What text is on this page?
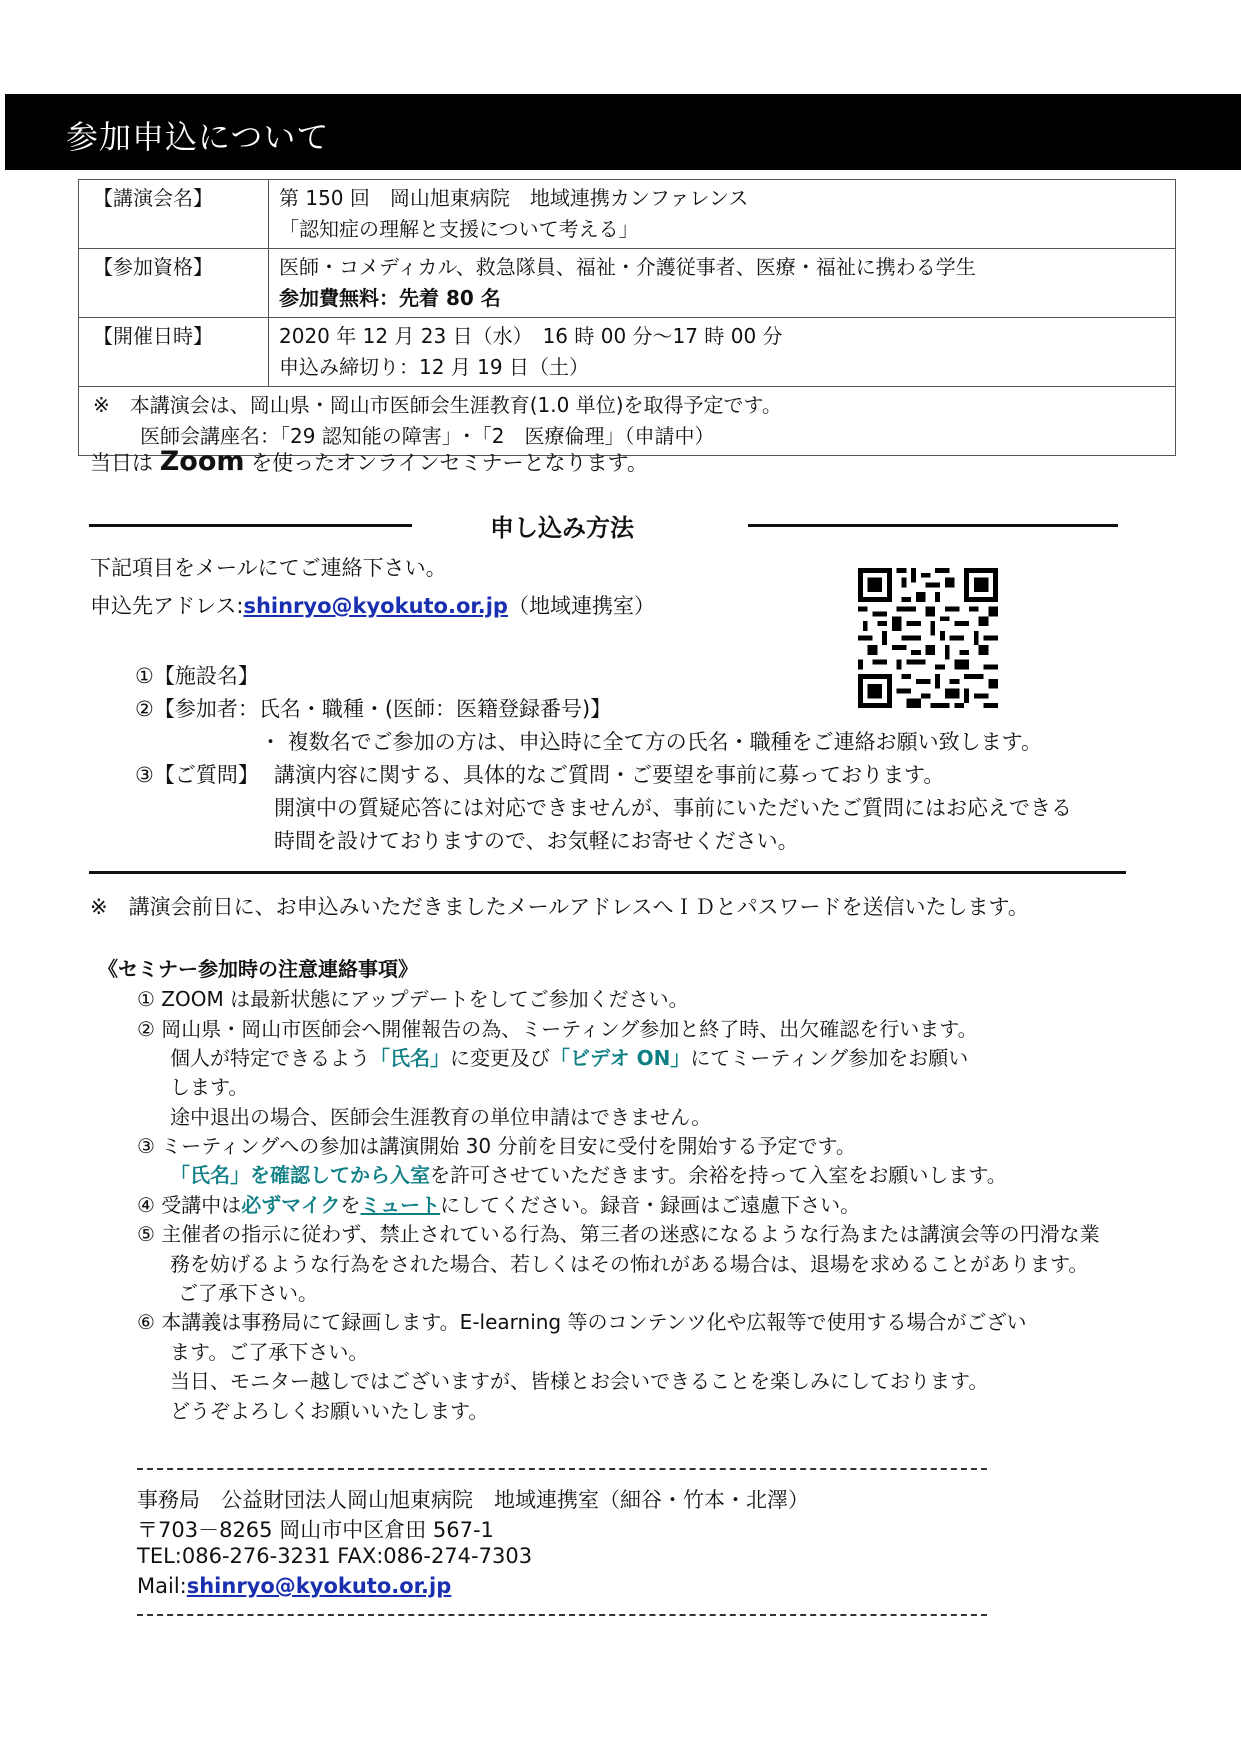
参加申込について
【講演会名】	第 150 回　岡山旭東病院　地域連携カンファレンス
「認知症の理解と支援について考える」

【参加資格】	医師・コメディカル、救急隊員、福祉・介護従事者、医療・福祉に携わる学生
参加費無料：先着 80 名

【開催日時】	2020 年 12 月 23 日（水）　16 時 00 分～17 時 00 分
申込み締切り：12 月 19 日（土）

※　本講演会は、岡山県・岡山市医師会生涯教育(1.0 単位)を取得予定です。
医師会講座名：「29 認知能の障害」･「2　医療倫理」（申請中）	
当日は Zoom を使ったオンラインセミナーとなります。
申し込み方法
下記項目をメールにてご連絡下さい。
申込先アドレス:shinryo@kyokuto.or.jp（地域連携室）
①【施設名】
②【参加者：氏名・職種・(医師：医籍登録番号)】
・ 複数名でご参加の方は、申込時に全て方の氏名・職種をご連絡お願い致します。
③【ご質問】 講演内容に関する、具体的なご質問・ご要望を事前に募っております。
開演中の質疑応答には対応できませんが、事前にいただいたご質問にはお応えできる
時間を設けておりますので、お気軽にお寄せください。
※　講演会前日に、お申込みいただきましたメールアドレスへＩＤとパスワードを送信いたします。
《セミナー参加時の注意連絡事項》
① ZOOM は最新状態にアップデートをしてご参加ください。
② 岡山県・岡山市医師会へ開催報告の為、ミーティング参加と終了時、出欠確認を行います。
個人が特定できるよう「氏名」に変更及び「ビデオ ON」にてミーティング参加をお願い
します。
途中退出の場合、医師会生涯教育の単位申請はできません。
③ ミーティングへの参加は講演開始 30 分前を目安に受付を開始する予定です。
「氏名」を確認してから入室を許可させていただきます。余裕を持って入室をお願いします。
④ 受講中は必ずマイクをミュートにしてください。録音・録画はご遠慮下さい。
⑤ 主催者の指示に従わず、禁止されている行為、第三者の迷惑になるような行為または講演会等の円滑な業
務を妨げるような行為をされた場合、若しくはその怖れがある場合は、退場を求めることがあります。
ご了承下さい。
⑥ 本講義は事務局にて録画します。E-learning 等のコンテンツ化や広報等で使用する場合がござい
ます。ご了承下さい。
当日、モニター越しではございますが、皆様とお会いできることを楽しみにしております。
どうぞよろしくお願いいたします。
事務局　公益財団法人岡山旭東病院　地域連携室（細谷・竹本・北澤）
〒703－8265 岡山市中区倉田 567-1
TEL:086-276-3231 FAX:086-274-7303
Mail:shinryo@kyokuto.or.jp
